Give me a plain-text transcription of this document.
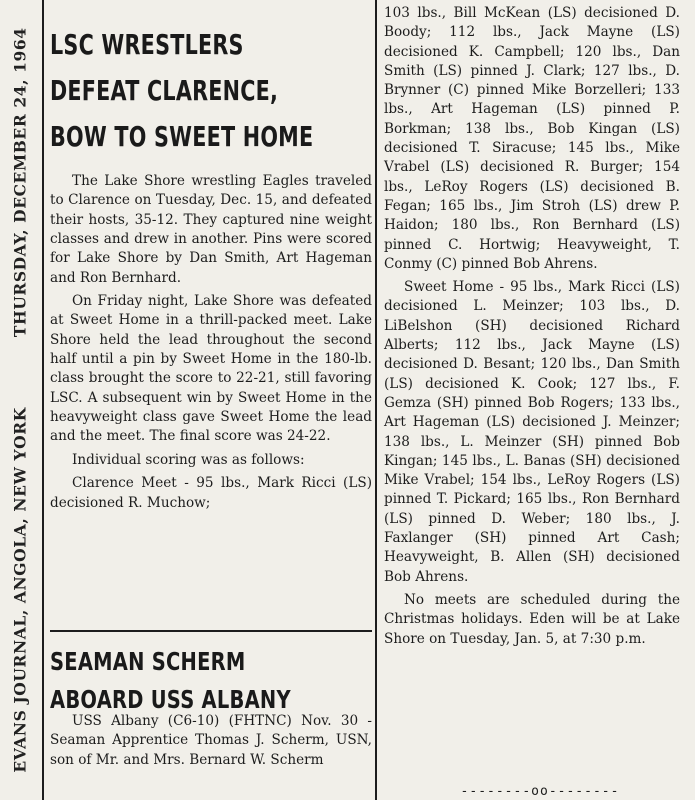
EVANS JOURNAL, ANGOLA, NEW YORKTHURSDAY, DECEMBER 24, 1964 LSC WRESTLERS
DEFEAT CLARENCE,
BOW TO SWEET HOME

The Lake Shore wrestling Eagles traveled to Clarence on Tuesday, Dec. 15, and defeated their hosts, 35-12. They captured nine weight classes and drew in another. Pins were scored for Lake Shore by Dan Smith, Art Hageman and Ron Bernhard.

On Friday night, Lake Shore was defeated at Sweet Home in a thrill-packed meet. Lake Shore held the lead throughout the second half until a pin by Sweet Home in the 180-lb. class brought the score to 22-21, still favoring LSC. A subsequent win by Sweet Home in the heavyweight class gave Sweet Home the lead and the meet. The final score was 24-22.

Individual scoring was as follows:

Clarence Meet - 95 lbs., Mark Ricci (LS) decisioned R. Muchow;

SEAMAN SCHERM
ABOARD USS ALBANY

USS Albany (C6-10) (FHTNC) Nov. 30 - Seaman Apprentice Thomas J. Scherm, USN, son of Mr. and Mrs. Bernard W. Scherm

103 lbs., Bill McKean (LS) decisioned D. Boody; 112 lbs., Jack Mayne (LS) decisioned K. Campbell; 120 lbs., Dan Smith (LS) pinned J. Clark; 127 lbs., D. Brynner (C) pinned Mike Borzelleri; 133 lbs., Art Hageman (LS) pinned P. Borkman; 138 lbs., Bob Kingan (LS) decisioned T. Siracuse; 145 lbs., Mike Vrabel (LS) decisioned R. Burger; 154 lbs., LeRoy Rogers (LS) decisioned B. Fegan; 165 lbs., Jim Stroh (LS) drew P. Haidon; 180 lbs., Ron Bernhard (LS) pinned C. Hortwig; Heavyweight, T. Conmy (C) pinned Bob Ahrens.

Sweet Home - 95 lbs., Mark Ricci (LS) decisioned L. Meinzer; 103 lbs., D. LiBelshon (SH) decisioned Richard Alberts; 112 lbs., Jack Mayne (LS) decisioned D. Besant; 120 lbs., Dan Smith (LS) decisioned K. Cook; 127 lbs., F. Gemza (SH) pinned Bob Rogers; 133 lbs., Art Hageman (LS) decisioned J. Meinzer; 138 lbs., L. Meinzer (SH) pinned Bob Kingan; 145 lbs., L. Banas (SH) decisioned Mike Vrabel; 154 lbs., LeRoy Rogers (LS) pinned T. Pickard; 165 lbs., Ron Bernhard (LS) pinned D. Weber; 180 lbs., J. Faxlanger (SH) pinned Art Cash; Heavyweight, B. Allen (SH) decisioned Bob Ahrens.

No meets are scheduled during the Christmas holidays. Eden will be at Lake Shore on Tuesday, Jan. 5, at 7:30 p.m.

--------oo--------
